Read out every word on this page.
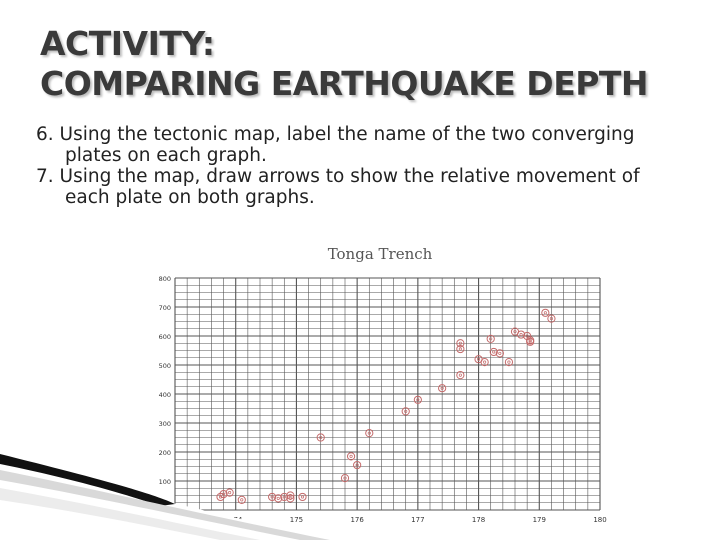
ACTIVITY:
COMPARING EARTHQUAKE DEPTH
6. Using the tectonic map, label the name of the two converging plates on each graph.
7. Using the map, draw arrows to show the relative movement of each plate on both graphs.
Tonga Trench
100
200
300
400
500
600
700
800
175	176	177	178	179	180
